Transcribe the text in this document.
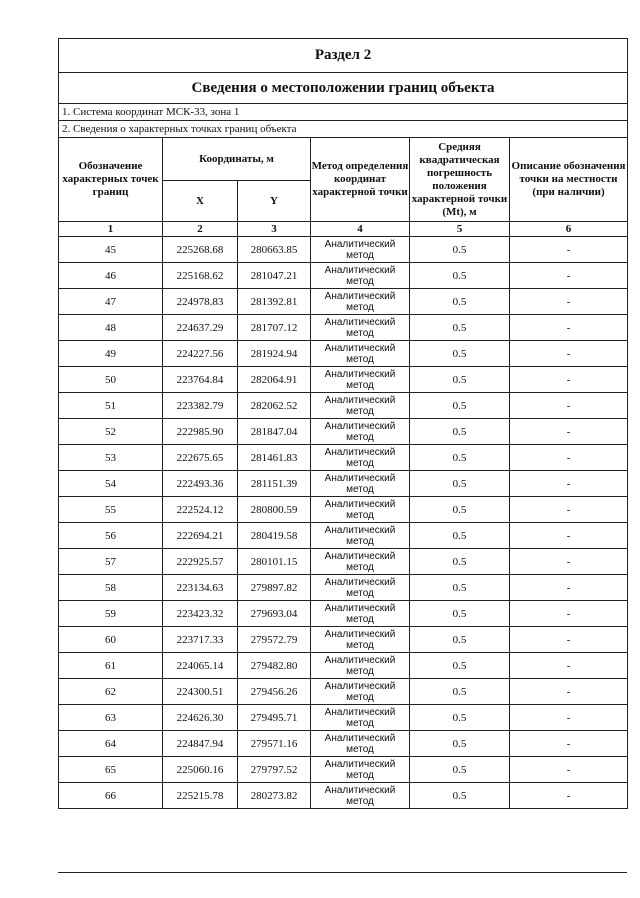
Раздел 2					
Сведения о местоположении границ объекта					
1. Система координат МСК-33, зона 1					
2. Сведения о характерных точках границ объекта					
Обозначение характерных точек границ	Координаты, м		Метод определения координат характерной точки	Средняя квадратическая погрешность положения характерной точки (Mt), м	Описание обозначения точки на местности (при наличии)
	X	Y			
1	2	3	4	5	6
45	225268.68	280663.85	Аналитический метод	0.5	-
46	225168.62	281047.21	Аналитический метод	0.5	-
47	224978.83	281392.81	Аналитический метод	0.5	-
48	224637.29	281707.12	Аналитический метод	0.5	-
49	224227.56	281924.94	Аналитический метод	0.5	-
50	223764.84	282064.91	Аналитический метод	0.5	-
51	223382.79	282062.52	Аналитический метод	0.5	-
52	222985.90	281847.04	Аналитический метод	0.5	-
53	222675.65	281461.83	Аналитический метод	0.5	-
54	222493.36	281151.39	Аналитический метод	0.5	-
55	222524.12	280800.59	Аналитический метод	0.5	-
56	222694.21	280419.58	Аналитический метод	0.5	-
57	222925.57	280101.15	Аналитический метод	0.5	-
58	223134.63	279897.82	Аналитический метод	0.5	-
59	223423.32	279693.04	Аналитический метод	0.5	-
60	223717.33	279572.79	Аналитический метод	0.5	-
61	224065.14	279482.80	Аналитический метод	0.5	-
62	224300.51	279456.26	Аналитический метод	0.5	-
63	224626.30	279495.71	Аналитический метод	0.5	-
64	224847.94	279571.16	Аналитический метод	0.5	-
65	225060.16	279797.52	Аналитический метод	0.5	-
66	225215.78	280273.82	Аналитический метод	0.5	-
